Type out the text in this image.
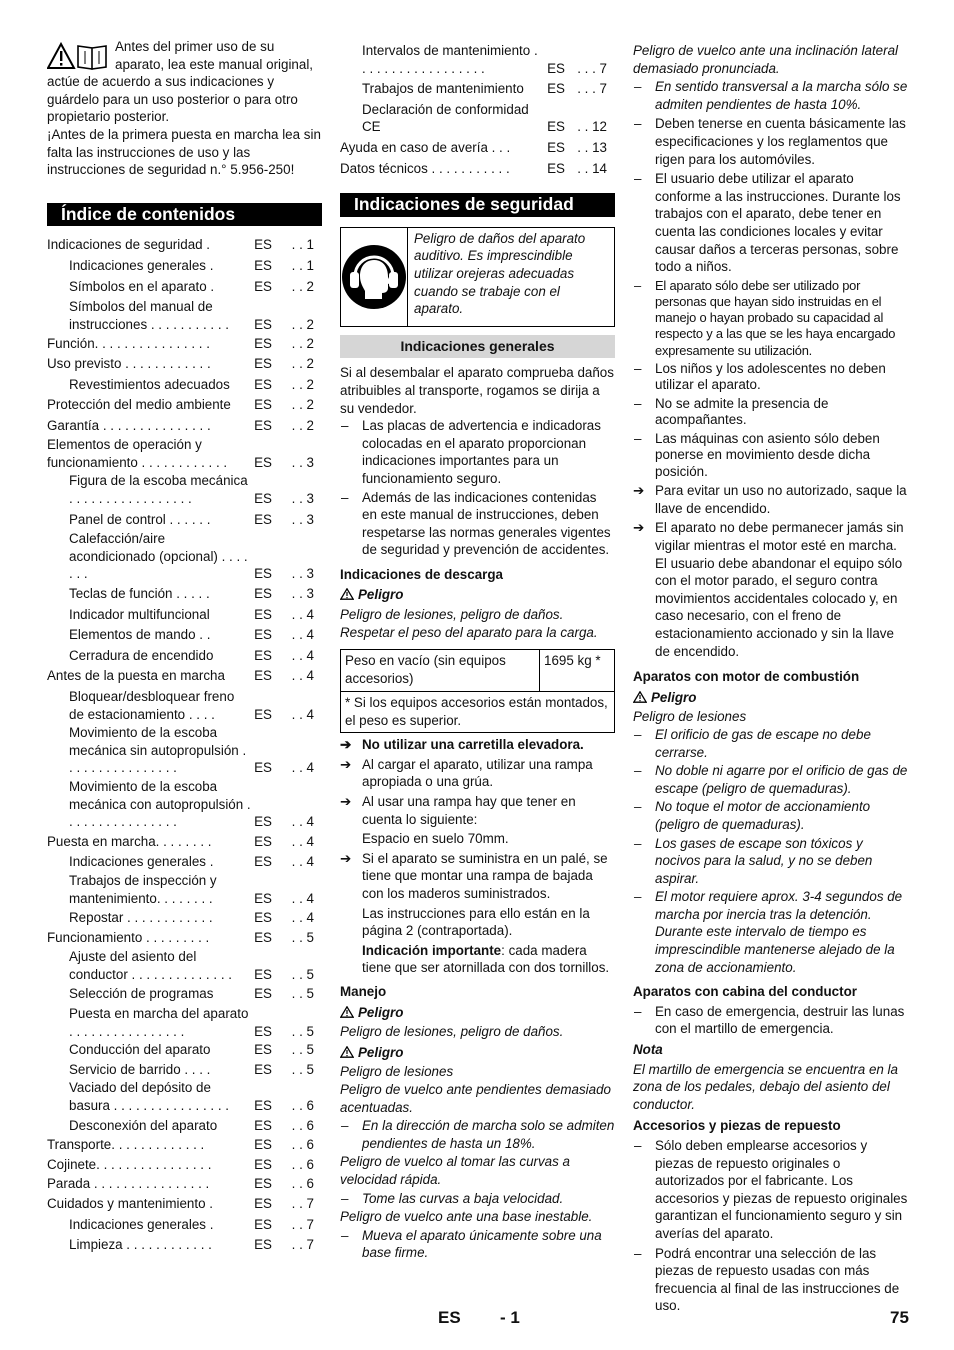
Antes del primer uso de su aparato, lea este manual original, actúe de acuerdo a sus indicaciones y guárdelo para un uso posterior o para otro propietario posterior.

¡Antes de la primera puesta en marcha lea sin falta las instrucciones de uso y las instrucciones de seguridad n.° 5.956-250!

Índice de contenidos
Indicaciones de seguridad .	ES . . 1
Indicaciones generales .	ES . . 1
Símbolos en el aparato .	ES . . 2
Símbolos del manual de instrucciones . . . . . . . . . . .	ES . . 2
Función. . . . . . . . . . . . . . . .	ES . . 2
Uso previsto . . . . . . . . . . . .	ES . . 2
Revestimientos adecuados	ES . . 2
Protección del medio ambiente	ES . . 2
Garantía . . . . . . . . . . . . . . .	ES . . 2
Elementos de operación y funcionamiento . . . . . . . . . . . .	ES . . 3
Figura de la escoba mecánica . . . . . . . . . . . . . . . . .	ES . . 3
Panel de control . . . . . .	ES . . 3
Calefacción/aire acondicionado (opcional) . . . . . . .	ES . . 3
Teclas de función . . . . .	ES . . 3
Indicador multifuncional	ES . . 4
Elementos de mando . .	ES . . 4
Cerradura de encendido	ES . . 4
Antes de la puesta en marcha	ES . . 4
Bloquear/desbloquear freno de estacionamiento . . . .	ES . . 4
Movimiento de la escoba mecánica sin autopropulsión . . . . . . . . . . . . . . . .	ES . . 4
Movimiento de la escoba mecánica con autopropulsión . . . . . . . . . . . . . . . .	ES . . 4
Puesta en marcha. . . . . . . .	ES . . 4
Indicaciones generales .	ES . . 4
Trabajos de inspección y mantenimiento. . . . . . . .	ES . . 4
Repostar . . . . . . . . . . . .	ES . . 4
Funcionamiento . . . . . . . . .	ES . . 5
Ajuste del asiento del conductor . . . . . . . . . . . . . .	ES . . 5
Selección de programas	ES . . 5
Puesta en marcha del aparato . . . . . . . . . . . . . . . .	ES . . 5
Conducción del aparato	ES . . 5
Servicio de barrido . . . .	ES . . 5
Vaciado del depósito de basura . . . . . . . . . . . . . . . .	ES . . 6
Desconexión del aparato	ES . . 6
Transporte. . . . . . . . . . . . .	ES . . 6
Cojinete. . . . . . . . . . . . . . . .	ES . . 6
Parada . . . . . . . . . . . . . . . .	ES . . 6
Cuidados y mantenimiento .	ES . . 7
Indicaciones generales .	ES . . 7
Limpieza . . . . . . . . . . . .	ES . . 7
Intervalos de mantenimiento . . . . . . . . . . . . . . . . . .	ES . . . 7
Trabajos de mantenimiento	ES . . . 7
Declaración de conformidad CE	ES . . 12
Ayuda en caso de avería . . .	ES . . 13
Datos técnicos . . . . . . . . . . .	ES . . 14
Indicaciones de seguridad

Peligro de daños del aparato auditivo. Es imprescindible utilizar orejeras adecuadas cuando se trabaje con el aparato.

Indicaciones generales

Si al desembalar el aparato comprueba daños atribuibles al transporte, rogamos se dirija a su vendedor.

– Las placas de advertencia e indicadoras colocadas en el aparato proporcionan indicaciones importantes para un funcionamiento seguro.

– Además de las indicaciones contenidas en este manual de instrucciones, deben respetarse las normas generales vigentes de seguridad y prevención de accidentes.

Indicaciones de descarga

Peligro

Peligro de lesiones, peligro de daños. Respetar el peso del aparato para la carga.

Peso en vacío (sin equipos accesorios)
1695 kg *
* Si los equipos accesorios están montados, el peso es superior.

➔ No utilizar una carretilla elevadora.

➔ Al cargar el aparato, utilizar una rampa apropiada o una grúa.

➔ Al usar una rampa hay que tener en cuenta lo siguiente:

Espacio en suelo 70mm.

➔ Si el aparato se suministra en un palé, se tiene que montar una rampa de bajada con los maderos suministrados.

Las instrucciones para ello están en la página 2 (contraportada).

Indicación importante: cada madera tiene que ser atornillada con dos tornillos.

Manejo

Peligro

Peligro de lesiones, peligro de daños.

Peligro

Peligro de lesiones

Peligro de vuelco ante pendientes demasiado acentuadas.

– En la dirección de marcha solo se admiten pendientes de hasta un 18%.

Peligro de vuelco al tomar las curvas a velocidad rápida.

– Tome las curvas a baja velocidad.

Peligro de vuelco ante una base inestable.

– Mueva el aparato únicamente sobre una base firme.

Peligro de vuelco ante una inclinación lateral demasiado pronunciada.

– En sentido transversal a la marcha sólo se admiten pendientes de hasta 10%.

– Deben tenerse en cuenta básicamente las especificaciones y los reglamentos que rigen para los automóviles.

– El usuario debe utilizar el aparato conforme a las instrucciones. Durante los trabajos con el aparato, debe tener en cuenta las condiciones locales y evitar causar daños a terceras personas, sobre todo a niños.

– El aparato sólo debe ser utilizado por personas que hayan sido instruidas en el manejo o hayan probado su capacidad al respecto y a las que se les haya encargado expresamente su utilización.

– Los niños y los adolescentes no deben utilizar el aparato.

– No se admite la presencia de acompañantes.

– Las máquinas con asiento sólo deben ponerse en movimiento desde dicha posición.

➔ Para evitar un uso no autorizado, saque la llave de encendido.

➔ El aparato no debe permanecer jamás sin vigilar mientras el motor esté en marcha. El usuario debe abandonar el equipo sólo con el motor parado, el seguro contra movimientos accidentales colocado y, en caso necesario, con el freno de estacionamiento accionado y sin la llave de encendido.

Aparatos con motor de combustión

Peligro

Peligro de lesiones

– El orificio de gas de escape no debe cerrarse.

– No doble ni agarre por el orificio de gas de escape (peligro de quemaduras).

– No toque el motor de accionamiento (peligro de quemaduras).

– Los gases de escape son tóxicos y nocivos para la salud, y no se deben aspirar.

– El motor requiere aprox. 3-4 segundos de marcha por inercia tras la detención. Durante este intervalo de tiempo es imprescindible mantenerse alejado de la zona de accionamiento.

Aparatos con cabina del conductor

– En caso de emergencia, destruir las lunas con el martillo de emergencia.

Nota

El martillo de emergencia se encuentra en la zona de los pedales, debajo del asiento del conductor.

Accesorios y piezas de repuesto

– Sólo deben emplearse accesorios y piezas de repuesto originales o autorizados por el fabricante. Los accesorios y piezas de repuesto originales garantizan el funcionamiento seguro y sin averías del aparato.

– Podrá encontrar una selección de las piezas de repuesto usadas con más frecuencia al final de las instrucciones de uso.

ES - 1	75
